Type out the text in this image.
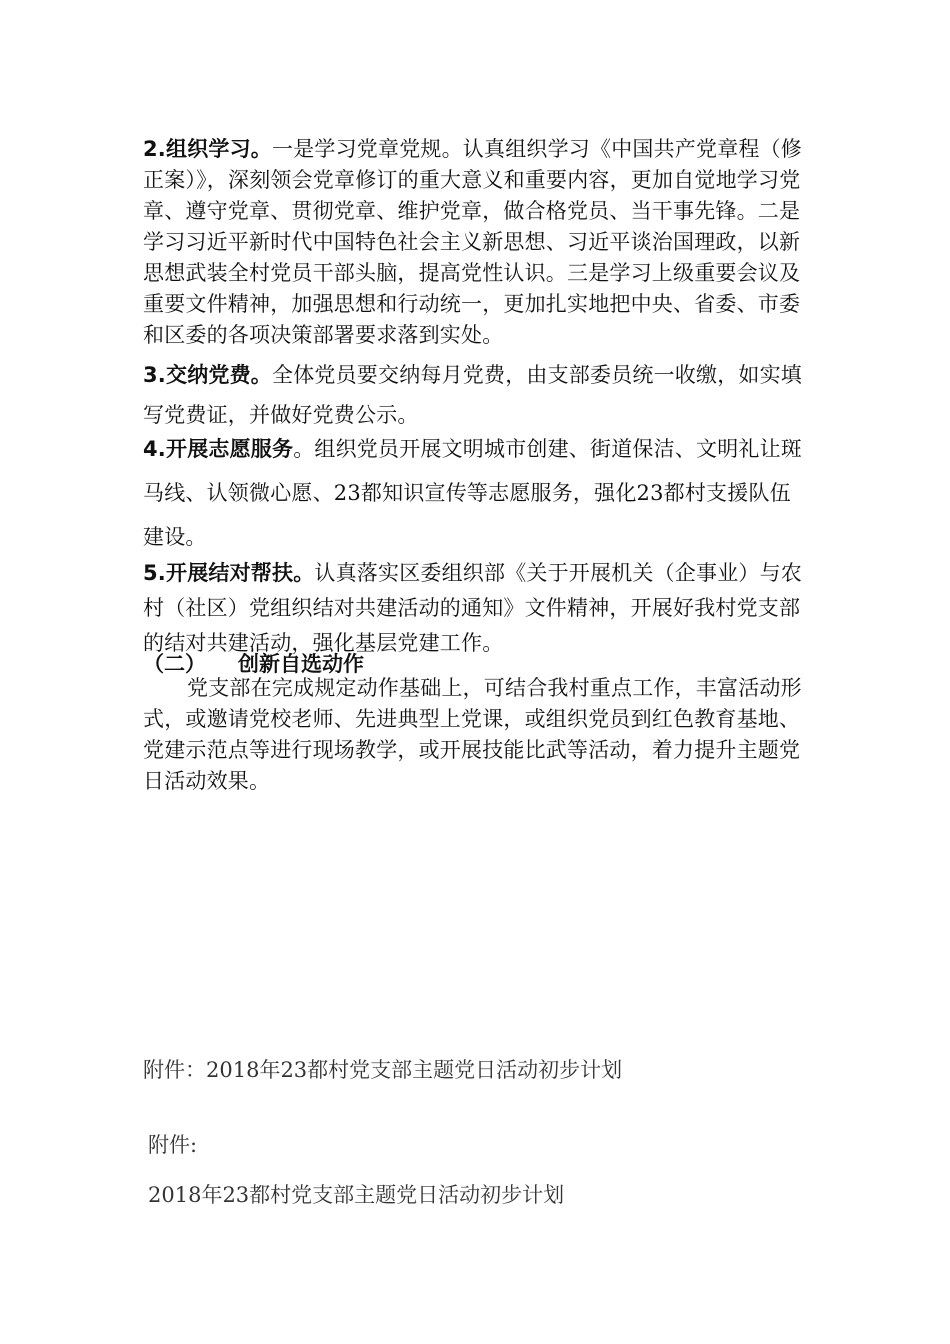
2.组织学习。一是学习党章党规。认真组织学习《中国共产党章程（修正案）》，深刻领会党章修订的重大意义和重要内容，更加自觉地学习党章、遵守党章、贯彻党章、维护党章，做合格党员、当干事先锋。二是学习习近平新时代中国特色社会主义新思想、习近平谈治国理政，以新思想武装全村党员干部头脑，提高党性认识。三是学习上级重要会议及重要文件精神，加强思想和行动统一，更加扎实地把中央、省委、市委和区委的各项决策部署要求落到实处。

3.交纳党费。全体党员要交纳每月党费，由支部委员统一收缴，如实填写党费证，并做好党费公示。

4.开展志愿服务。组织党员开展文明城市创建、街道保洁、文明礼让斑马线、认领微心愿、23都知识宣传等志愿服务，强化23都村支援队伍建设。

5.开展结对帮扶。认真落实区委组织部《关于开展机关（企事业）与农村（社区）党组织结对共建活动的通知》文件精神，开展好我村党支部的结对共建活动，强化基层党建工作。

（二） 创新自选动作

党支部在完成规定动作基础上，可结合我村重点工作，丰富活动形式，或邀请党校老师、先进典型上党课，或组织党员到红色教育基地、党建示范点等进行现场教学，或开展技能比武等活动，着力提升主题党日活动效果。

附件：2018年23都村党支部主题党日活动初步计划

附件:

2018年23都村党支部主题党日活动初步计划
